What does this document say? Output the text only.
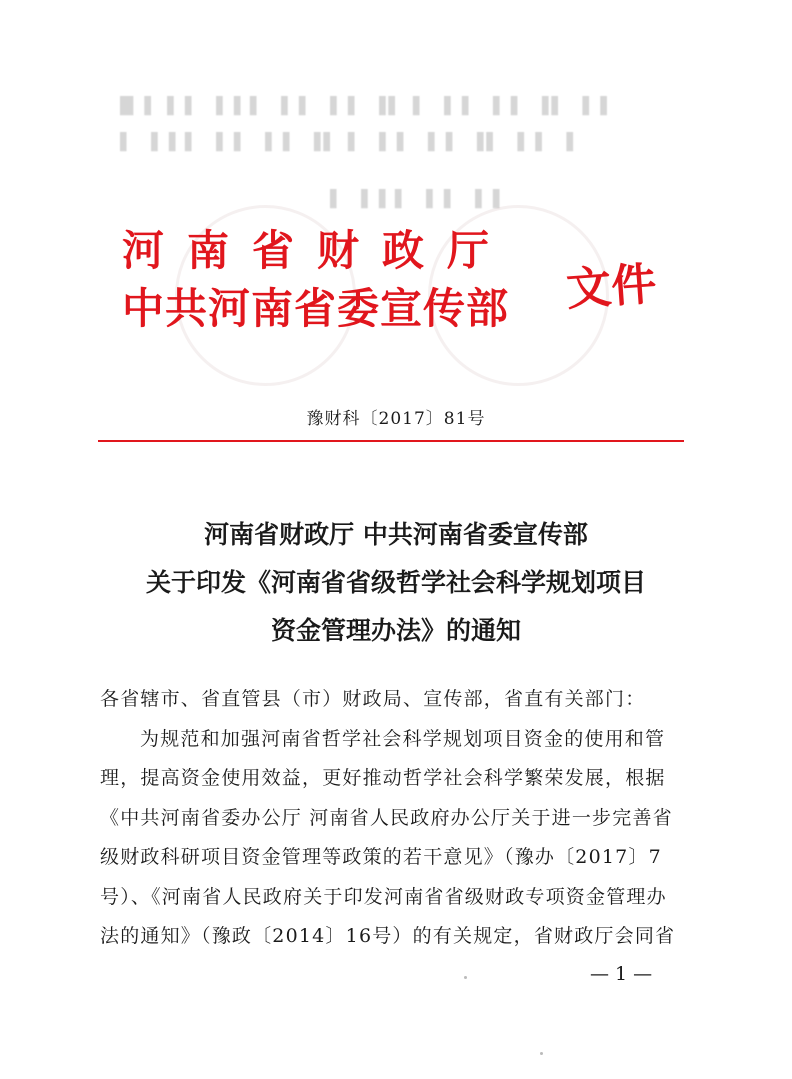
█ ▌▐ ▌ ▐ ▌▌ ▐ ▌ ▐ ▌ ▐▌ ▌ ▐ ▌ ▐ ▌ ▐▌ ▐ ▌
▌ ▐ ▌▌ ▐ ▌ ▐ ▌ ▐▌ ▌ ▐ ▌ ▐ ▌ ▐▌ ▐ ▌ ▐
▌ ▐ ▌▌ ▐ ▌ ▐ ▌
河南省财政厅
中共河南省委宣传部 文件
豫财科〔2017〕81号
河南省财政厅 中共河南省委宣传部
关于印发《河南省省级哲学社会科学规划项目
资金管理办法》的通知

各省辖市、省直管县（市）财政局、宣传部，省直有关部门：

为规范和加强河南省哲学社会科学规划项目资金的使用和管

理，提高资金使用效益，更好推动哲学社会科学繁荣发展，根据

《中共河南省委办公厅 河南省人民政府办公厅关于进一步完善省

级财政科研项目资金管理等政策的若干意见》（豫办〔2017〕7

号）、《河南省人民政府关于印发河南省省级财政专项资金管理办

法的通知》（豫政〔2014〕16号）的有关规定，省财政厅会同省

— 1 —
